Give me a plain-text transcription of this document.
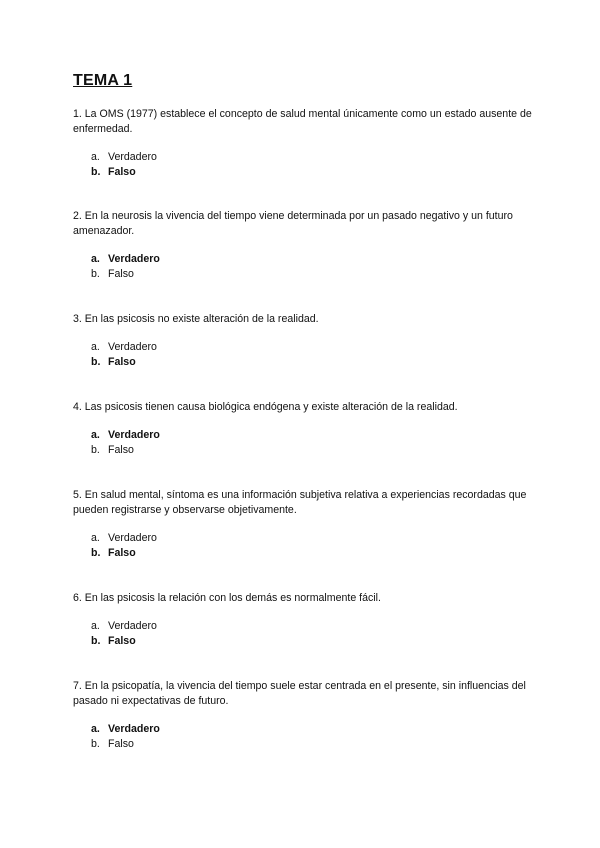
TEMA 1

1. La OMS (1977) establece el concepto de salud mental únicamente como un estado ausente de enfermedad.

a. Verdadero
b. Falso

2. En la neurosis la vivencia del tiempo viene determinada por un pasado negativo y un futuro amenazador.

a. Verdadero
b. Falso

3. En las psicosis no existe alteración de la realidad.

a. Verdadero
b. Falso

4. Las psicosis tienen causa biológica endógena y existe alteración de la realidad.

a. Verdadero
b. Falso

5. En salud mental, síntoma es una información subjetiva relativa a experiencias recordadas que pueden registrarse y observarse objetivamente.

a. Verdadero
b. Falso

6. En las psicosis la relación con los demás es normalmente fácil.

a. Verdadero
b. Falso

7. En la psicopatía, la vivencia del tiempo suele estar centrada en el presente, sin influencias del pasado ni expectativas de futuro.

a. Verdadero
b. Falso
